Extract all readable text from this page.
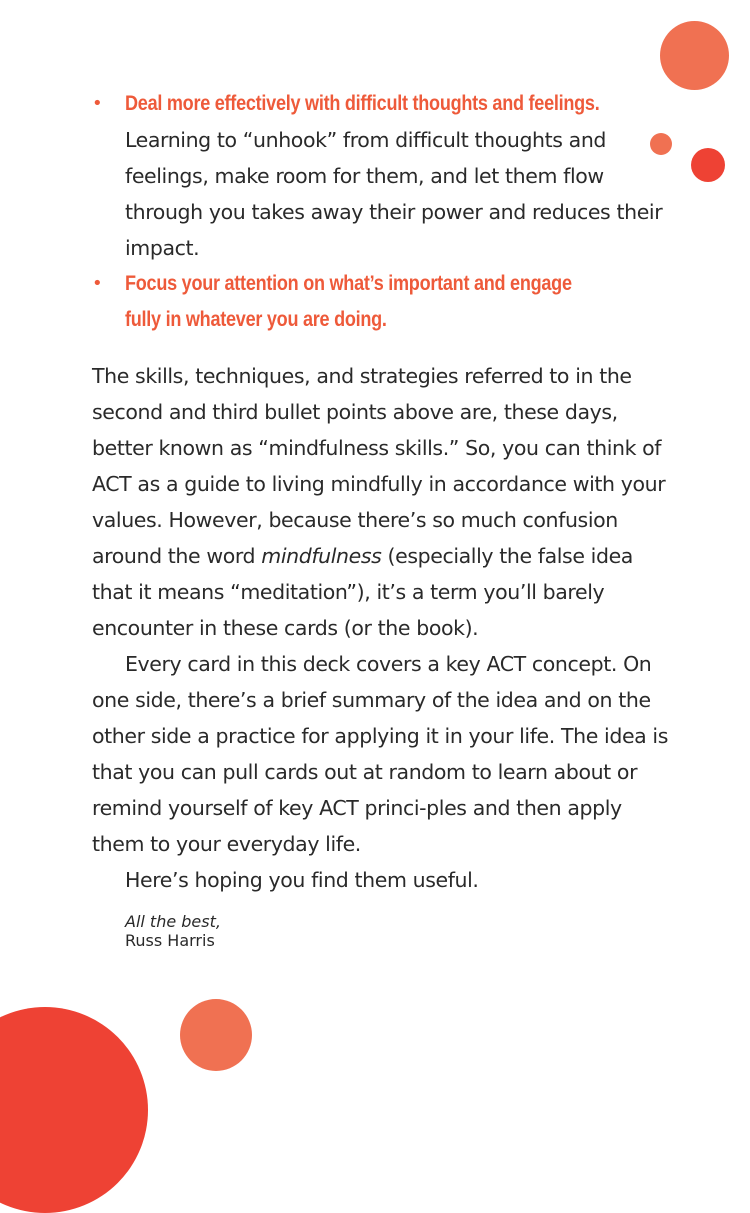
• Deal more effectively with difficult thoughts and feelings.
Learning to “unhook” from difficult thoughts and feelings, make room for them, and let them flow through you takes away their power and reduces their impact.
• Focus your attention on what’s important and engage
fully in whatever you are doing.

The skills, techniques, and strategies referred to in the second and third bullet points above are, these days, better known as “mindfulness skills.” So, you can think of ACT as a guide to living mindfully in accordance with your values. However, because there’s so much confusion around the word mindfulness (especially the false idea that it means “meditation”), it’s a term you’ll barely encounter in these cards (or the book).

Every card in this deck covers a key ACT concept. On one side, there’s a brief summary of the idea and on the other side a practice for applying it in your life. The idea is that you can pull cards out at random to learn about or remind yourself of key ACT princi-ples and then apply them to your everyday life.

Here’s hoping you find them useful.

All the best,
Russ Harris
